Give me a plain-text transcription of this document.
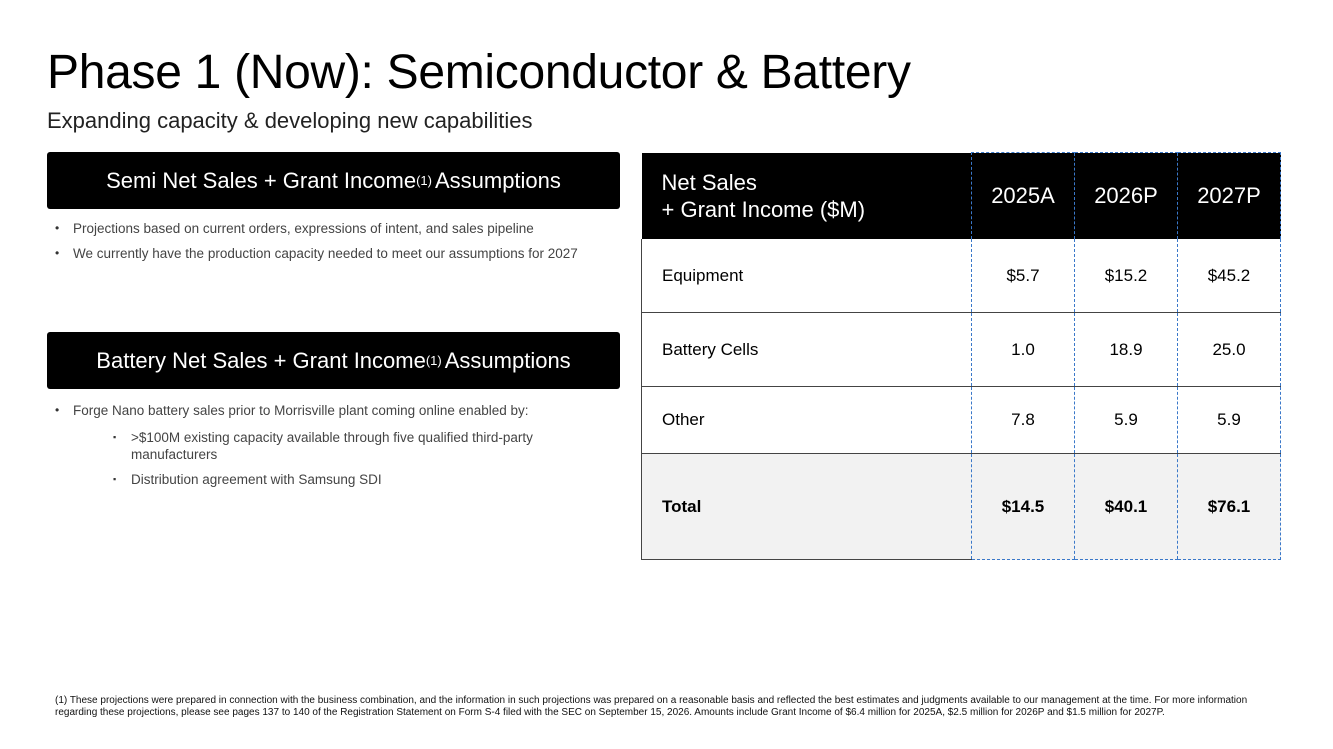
Phase 1 (Now): Semiconductor & Battery

Expanding capacity & developing new capabilities

Semi Net Sales + Grant Income (1) Assumptions
• Projections based on current orders, expressions of intent, and sales pipeline
• We currently have the production capacity needed to meet our assumptions for 2027
Battery Net Sales + Grant Income (1) Assumptions
• Forge Nano battery sales prior to Morrisville plant coming online enabled by:
▪ >$100M existing capacity available through five qualified third-party manufacturers
▪ Distribution agreement with Samsung SDI
Net Sales
+ Grant Income ($M)	2025A	2026P	2027P
Equipment	$5.7	$15.2	$45.2
Battery Cells	1.0	18.9	25.0
Other	7.8	5.9	5.9
Total	$14.5	$40.1	$76.1

(1) These projections were prepared in connection with the business combination, and the information in such projections was prepared on a reasonable basis and reflected the best estimates and judgments available to our management at the time. For more information regarding these projections, please see pages 137 to 140 of the Registration Statement on Form S-4 filed with the SEC on September 15, 2026. Amounts include Grant Income of $6.4 million for 2025A, $2.5 million for 2026P and $1.5 million for 2027P.
